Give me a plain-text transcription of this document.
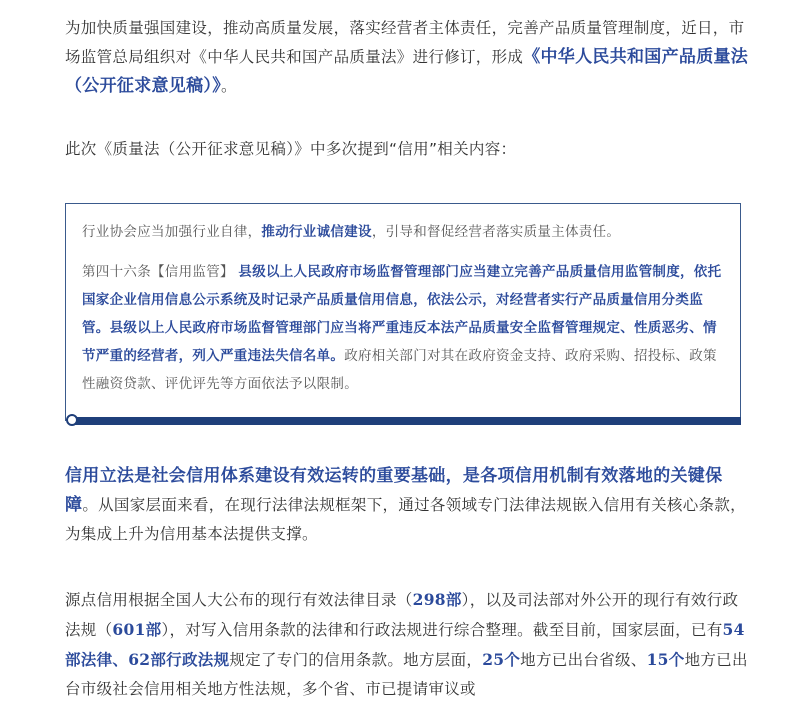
为加快质量强国建设，推动高质量发展，落实经营者主体责任，完善产品质量管理制度，近日，市场监管总局组织对《中华人民共和国产品质量法》进行修订，形成《中华人民共和国产品质量法（公开征求意见稿）》。
此次《质量法（公开征求意见稿）》中多次提到“信用”相关内容：
行业协会应当加强行业自律，推动行业诚信建设，引导和督促经营者落实质量主体责任。
第四十六条【信用监管】 县级以上人民政府市场监督管理部门应当建立完善产品质量信用监管制度，依托国家企业信用信息公示系统及时记录产品质量信用信息，依法公示，对经营者实行产品质量信用分类监管。县级以上人民政府市场监督管理部门应当将严重违反本法产品质量安全监督管理规定、性质恶劣、情节严重的经营者，列入严重违法失信名单。政府相关部门对其在政府资金支持、政府采购、招投标、政策性融资贷款、评优评先等方面依法予以限制。
信用立法是社会信用体系建设有效运转的重要基础，是各项信用机制有效落地的关键保障。从国家层面来看，在现行法律法规框架下，通过各领域专门法律法规嵌入信用有关核心条款，为集成上升为信用基本法提供支撑。
源点信用根据全国人大公布的现行有效法律目录（298部），以及司法部对外公开的现行有效行政法规（601部），对写入信用条款的法律和行政法规进行综合整理。截至目前，国家层面，已有54部法律、62部行政法规规定了专门的信用条款。地方层面，25个地方已出台省级、15个地方已出台市级社会信用相关地方性法规，多个省、市已提请审议或
